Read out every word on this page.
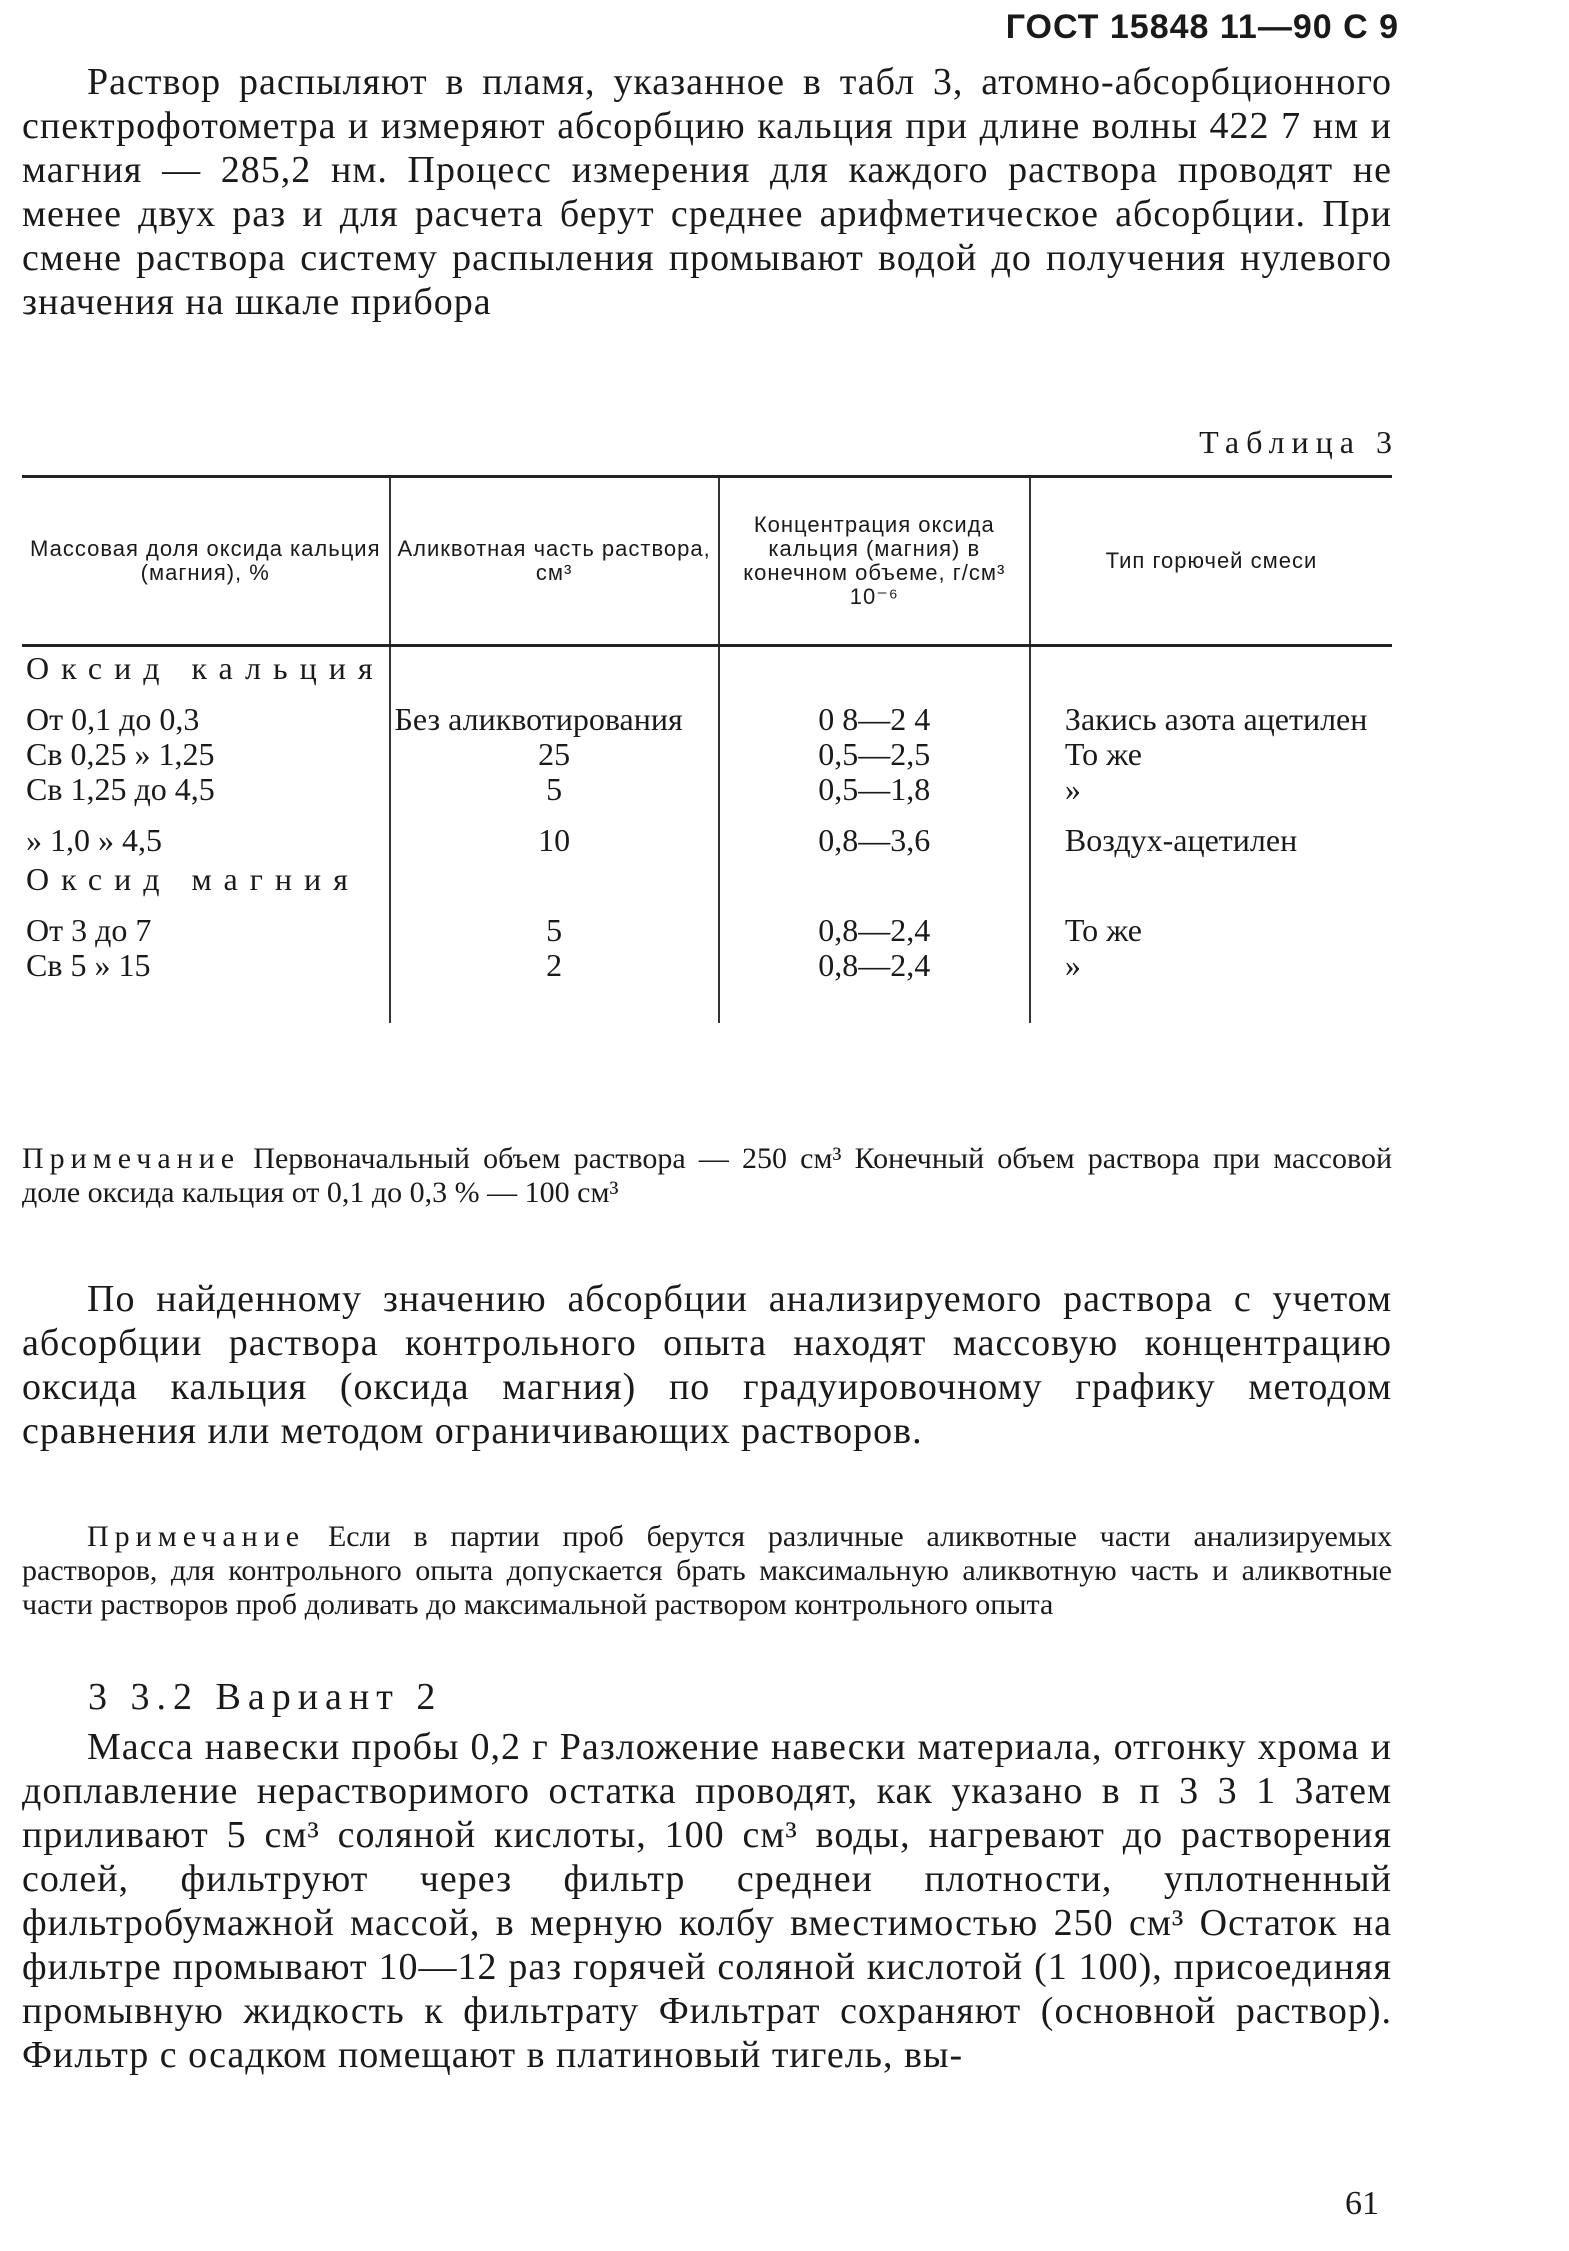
ГОСТ 15848 11—90 С 9

Раствор распыляют в пламя, указанное в табл 3, атомно-абсорбционного спектрофотометра и измеряют абсорбцию кальция при длине волны 422 7 нм и магния — 285,2 нм. Процесс измерения для каждого раствора проводят не менее двух раз и для расчета берут среднее арифметическое абсорбции. При смене раствора систему распыления промывают водой до получения нулевого значения на шкале прибора

Таблица 3
Массовая доля оксида кальция (магния), %	Аликвотная часть раствора, см³	Концентрация оксида кальция (магния) в конечном объеме, г/см³ 10⁻⁶	Тип горючей смеси
Оксид кальция			
От 0,1 до 0,3	Без аликвотирования	0 8—2 4	Закись азота ацетилен
Св 0,25 » 1,25	25	0,5—2,5	То же
Св 1,25 до 4,5	5	0,5—1,8	»
» 1,0 » 4,5	10	0,8—3,6	Воздух-ацетилен
Оксид магния			
От 3 до 7	5	0,8—2,4	То же
Св 5 » 15	2	0,8—2,4	»
Примечание Первоначальный объем раствора — 250 см³ Конечный объем раствора при массовой доле оксида кальция от 0,1 до 0,3 % — 100 см³

По найденному значению абсорбции анализируемого раствора с учетом абсорбции раствора контрольного опыта находят массовую концентрацию оксида кальция (оксида магния) по градуировочному графику методом сравнения или методом ограничивающих растворов.

Примечание Если в партии проб берутся различные аликвотные части анализируемых растворов, для контрольного опыта допускается брать максимальную аликвотную часть и аликвотные части растворов проб доливать до максимальной раствором контрольного опыта
3 3.2 Вариант 2

Масса навески пробы 0,2 г Разложение навески материала, отгонку хрома и доплавление нерастворимого остатка проводят, как указано в п 3 3 1 Затем приливают 5 см³ соляной кислоты, 100 см³ воды, нагревают до растворения солей, фильтруют через фильтр среднеи плотности, уплотненный фильтробумажной массой, в мерную колбу вместимостью 250 см³ Остаток на фильтре промывают 10—12 раз горячей соляной кислотой (1 100), присоединяя промывную жидкость к фильтрату Фильтрат сохраняют (основной раствор). Фильтр с осадком помещают в платиновый тигель, вы-

61
